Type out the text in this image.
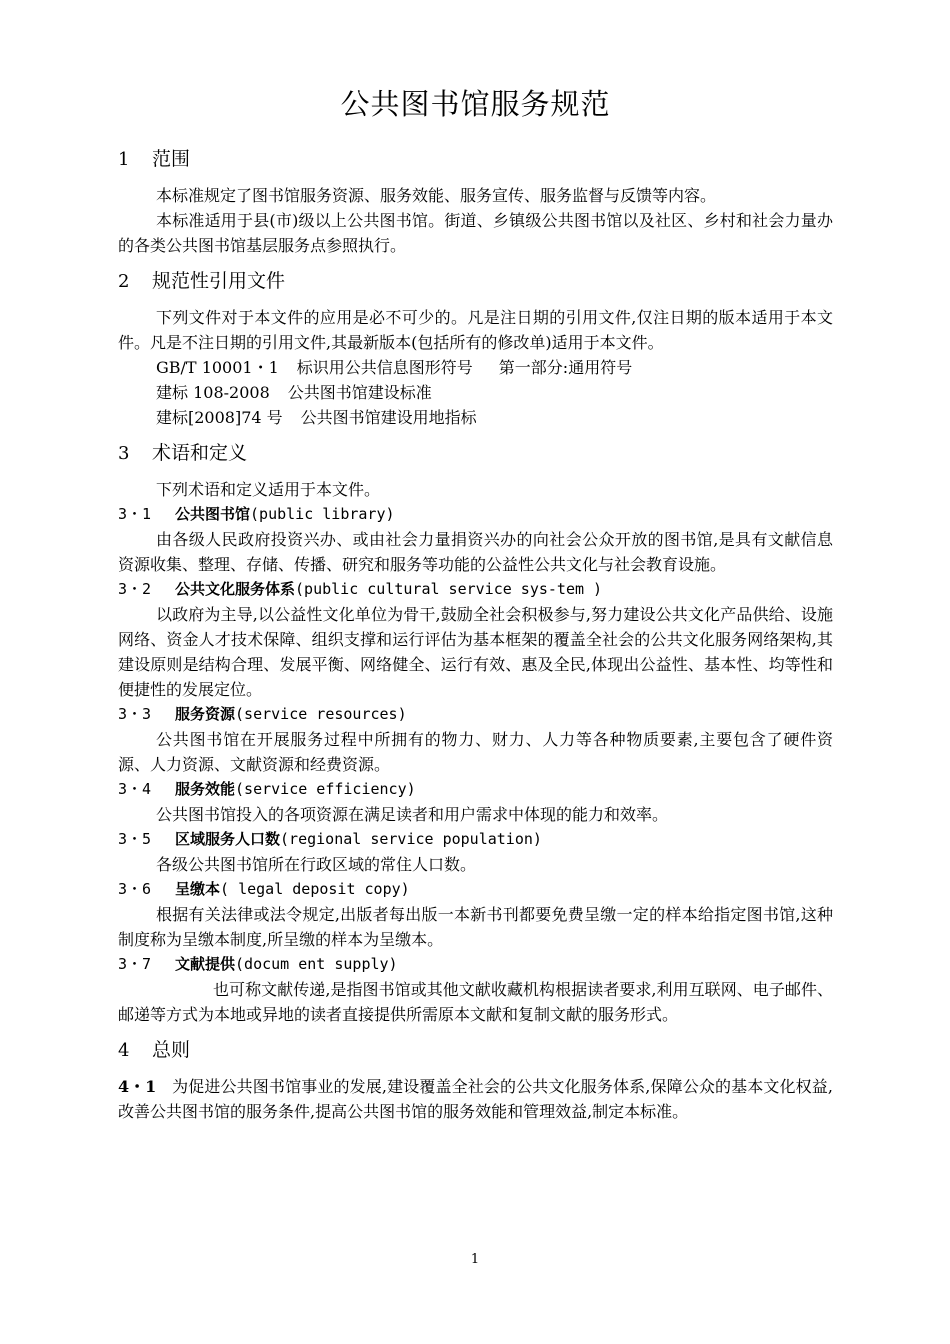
公共图书馆服务规范
1 范围

本标准规定了图书馆服务资源、服务效能、服务宣传、服务监督与反馈等内容。

本标准适用于县(市)级以上公共图书馆。街道、乡镇级公共图书馆以及社区、乡村和社会力量办的各类公共图书馆基层服务点参照执行。

2 规范性引用文件

下列文件对于本文件的应用是必不可少的。凡是注日期的引用文件,仅注日期的版本适用于本文件。凡是不注日期的引用文件,其最新版本(包括所有的修改单)适用于本文件。

GB/T 10001・1 标识用公共信息图形符号 第一部分:通用符号

建标 108-2008 公共图书馆建设标准

建标[2008]74 号 公共图书馆建设用地指标

3 术语和定义

下列术语和定义适用于本文件。

3・1 公共图书馆(public library)

由各级人民政府投资兴办、或由社会力量捐资兴办的向社会公众开放的图书馆,是具有文献信息资源收集、整理、存储、传播、研究和服务等功能的公益性公共文化与社会教育设施。

3・2 公共文化服务体系(public cultural service sys-tem )

以政府为主导,以公益性文化单位为骨干,鼓励全社会积极参与,努力建设公共文化产品供给、设施网络、资金人才技术保障、组织支撑和运行评估为基本框架的覆盖全社会的公共文化服务网络架构,其建设原则是结构合理、发展平衡、网络健全、运行有效、惠及全民,体现出公益性、基本性、均等性和便捷性的发展定位。

3・3 服务资源(service resources)

公共图书馆在开展服务过程中所拥有的物力、财力、人力等各种物质要素,主要包含了硬件资源、人力资源、文献资源和经费资源。

3・4 服务效能(service efficiency)

公共图书馆投入的各项资源在满足读者和用户需求中体现的能力和效率。

3・5 区域服务人口数(regional service population)

各级公共图书馆所在行政区域的常住人口数。

3・6 呈缴本( legal deposit copy)

根据有关法律或法令规定,出版者每出版一本新书刊都要免费呈缴一定的样本给指定图书馆,这种制度称为呈缴本制度,所呈缴的样本为呈缴本。

3・7 文献提供(docum ent supply)

也可称文献传递,是指图书馆或其他文献收藏机构根据读者要求,利用互联网、电子邮件、邮递等方式为本地或异地的读者直接提供所需原本文献和复制文献的服务形式。

4 总则

4・1 为促进公共图书馆事业的发展,建设覆盖全社会的公共文化服务体系,保障公众的基本文化权益,改善公共图书馆的服务条件,提高公共图书馆的服务效能和管理效益,制定本标准。

1
